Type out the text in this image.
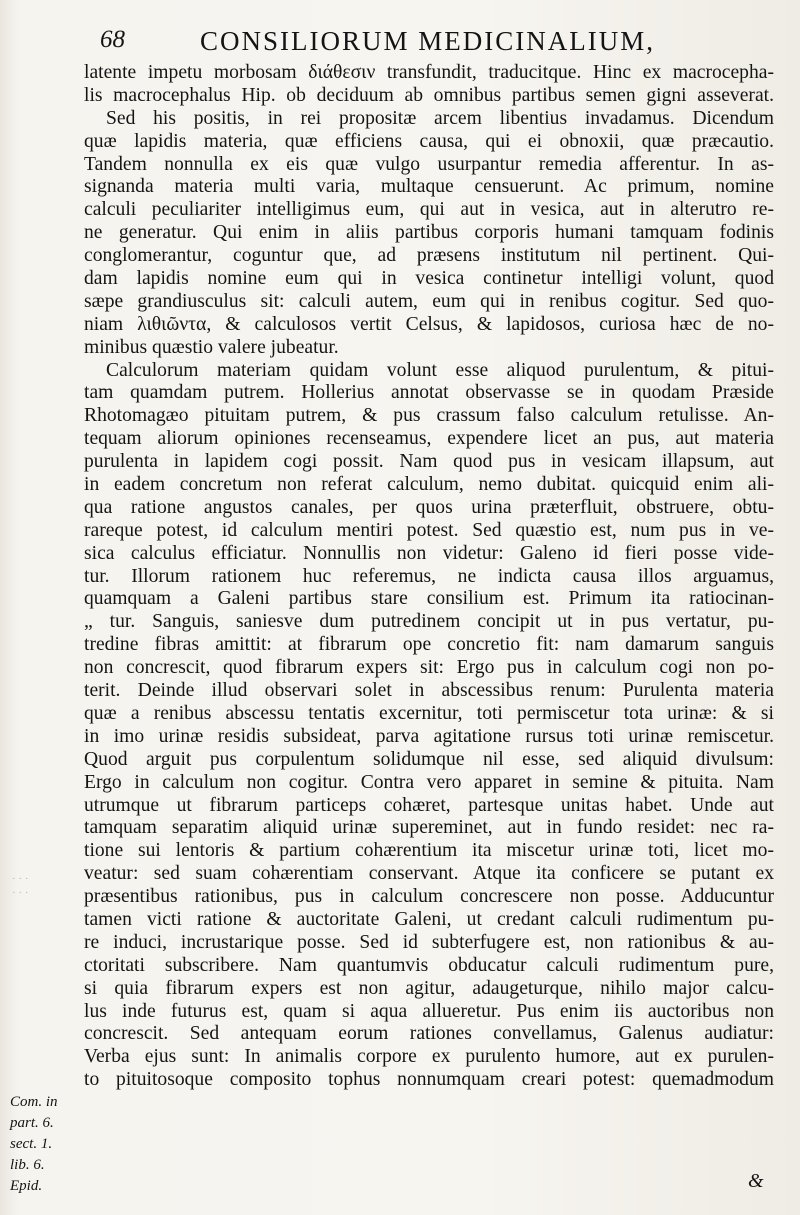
68	CONSILIORUM MEDICINALIUM,
latente impetu morbosam διάθεσιν transfundit, traducitque. Hinc ex macrocepha-
lis macrocephalus Hip. ob deciduum ab omnibus partibus semen gigni asseverat.
Sed his positis, in rei propositæ arcem libentius invadamus. Dicendum
quæ lapidis materia, quæ efficiens causa, qui ei obnoxii, quæ præcautio.
Tandem nonnulla ex eis quæ vulgo usurpantur remedia afferentur. In as-
signanda materia multi varia, multaque censuerunt. Ac primum, nomine
calculi peculiariter intelligimus eum, qui aut in vesica, aut in alterutro re-
ne generatur. Qui enim in aliis partibus corporis humani tamquam fodinis
conglomerantur, coguntur que, ad præsens institutum nil pertinent. Qui-
dam lapidis nomine eum qui in vesica continetur intelligi volunt, quod
sæpe grandiusculus sit: calculi autem, eum qui in renibus cogitur. Sed quo-
niam λιθιῶντα, & calculosos vertit Celsus, & lapidosos, curiosa hæc de no-
minibus quæstio valere jubeatur.
Calculorum materiam quidam volunt esse aliquod purulentum, & pitui-
tam quamdam putrem. Hollerius annotat observasse se in quodam Præside
Rhotomagæo pituitam putrem, & pus crassum falso calculum retulisse. An-
tequam aliorum opiniones recenseamus, expendere licet an pus, aut materia
purulenta in lapidem cogi possit. Nam quod pus in vesicam illapsum, aut
in eadem concretum non referat calculum, nemo dubitat. quicquid enim ali-
qua ratione angustos canales, per quos urina præterfluit, obstruere, obtu-
rareque potest, id calculum mentiri potest. Sed quæstio est, num pus in ve-
sica calculus efficiatur. Nonnullis non videtur: Galeno id fieri posse vide-
tur. Illorum rationem huc referemus, ne indicta causa illos arguamus,
quamquam a Galeni partibus stare consilium est. Primum ita ratiocinan-
„ tur. Sanguis, saniesve dum putredinem concipit ut in pus vertatur, pu-
tredine fibras amittit: at fibrarum ope concretio fit: nam damarum sanguis
non concrescit, quod fibrarum expers sit: Ergo pus in calculum cogi non po-
terit. Deinde illud observari solet in abscessibus renum: Purulenta materia
quæ a renibus abscessu tentatis excernitur, toti permiscetur tota urinæ: & si
in imo urinæ residis subsideat, parva agitatione rursus toti urinæ remiscetur.
Quod arguit pus corpulentum solidumque nil esse, sed aliquid divulsum:
Ergo in calculum non cogitur. Contra vero apparet in semine & pituita. Nam
utrumque ut fibrarum particeps cohæret, partesque unitas habet. Unde aut
tamquam separatim aliquid urinæ supereminet, aut in fundo residet: nec ra-
tione sui lentoris & partium cohærentium ita miscetur urinæ toti, licet mo-
veatur: sed suam cohærentiam conservant. Atque ita conficere se putant ex
præsentibus rationibus, pus in calculum concrescere non posse. Adducuntur
tamen victi ratione & auctoritate Galeni, ut credant calculi rudimentum pu-
re induci, incrustarique posse. Sed id subterfugere est, non rationibus & au-
ctoritati subscribere. Nam quantumvis obducatur calculi rudimentum pure,
si quia fibrarum expers est non agitur, adaugeturque, nihilo major calcu-
lus inde futurus est, quam si aqua allueretur. Pus enim iis auctoribus non
concrescit. Sed antequam eorum rationes convellamus, Galenus audiatur:
Verba ejus sunt: In animalis corpore ex purulento humore, aut ex purulen-
to pituitosoque composito tophus nonnumquam creari potest: quemadmodum
· · ·
· · ·
Com. in
part. 6.
sect. 1.
lib. 6.
Epid.	&
